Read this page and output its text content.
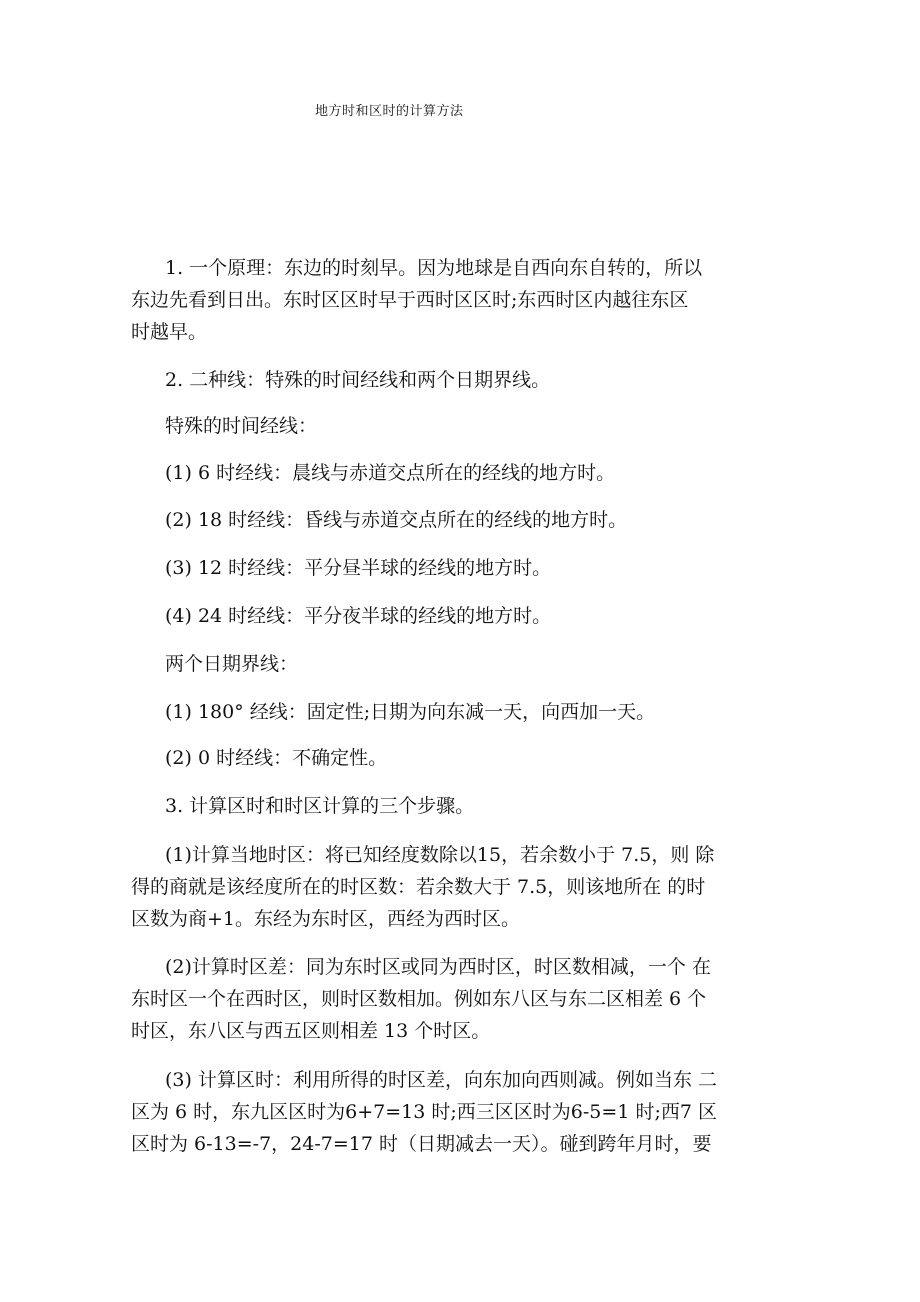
地方时和区时的计算方法
1. 一个原理：东边的时刻早。因为地球是自西向东自转的，所以
东边先看到日出。东时区区时早于西时区区时;东西时区内越往东区
时越早。
2. 二种线：特殊的时间经线和两个日期界线。
特殊的时间经线：
(1) 6 时经线：晨线与赤道交点所在的经线的地方时。
(2) 18 时经线：昏线与赤道交点所在的经线的地方时。
(3) 12 时经线：平分昼半球的经线的地方时。
(4) 24 时经线：平分夜半球的经线的地方时。
两个日期界线：
(1) 180° 经线：固定性;日期为向东减一天，向西加一天。
(2) 0 时经线：不确定性。
3. 计算区时和时区计算的三个步骤。
(1)计算当地时区：将已知经度数除以15，若余数小于 7.5，则 除
得的商就是该经度所在的时区数：若余数大于 7.5，则该地所在 的时
区数为商+1。东经为东时区，西经为西时区。
(2)计算时区差：同为东时区或同为西时区，时区数相减，一个 在
东时区一个在西时区，则时区数相加。例如东八区与东二区相差 6 个
时区，东八区与西五区则相差 13 个时区。
(3) 计算区时：利用所得的时区差，向东加向西则减。例如当东 二
区为 6 时，东九区区时为6+7=13 时;西三区区时为6-5=1 时;西7 区
区时为 6-13=-7，24-7=17 时（日期减去一天）。碰到跨年月时，要
